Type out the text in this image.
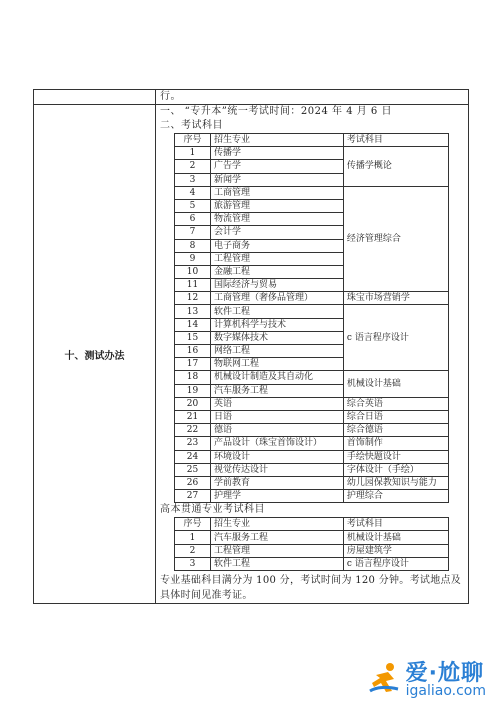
行。

十、测试办法	
一、 “专升本”统一考试时间：2024 年 4 月 6 日
二、考试科目
序号	招生专业	考试科目
1	传播学	传播学概论
2	广告学
3	新闻学
4	工商管理	经济管理综合
5	旅游管理
6	物流管理
7	会计学
8	电子商务
9	工程管理
10	金融工程
11	国际经济与贸易
12	工商管理（奢侈品管理）	珠宝市场营销学
13	软件工程	c 语言程序设计
14	计算机科学与技术
15	数字媒体技术
16	网络工程
17	物联网工程
18	机械设计制造及其自动化	机械设计基础
19	汽车服务工程
20	英语	综合英语
21	日语	综合日语
22	德语	综合德语
23	产品设计（珠宝首饰设计）	首饰制作
24	环境设计	手绘快题设计
25	视觉传达设计	字体设计（手绘）
26	学前教育	幼儿园保教知识与能力
27	护理学	护理综合
高本贯通专业考试科目
序号	招生专业	考试科目
1	汽车服务工程	机械设计基础
2	工程管理	房屋建筑学
3	软件工程	c 语言程序设计
专业基础科目满分为 100 分，考试时间为 120 分钟。考试地点及具体时间见准考证。
爱·尬聊
igaliao.com
